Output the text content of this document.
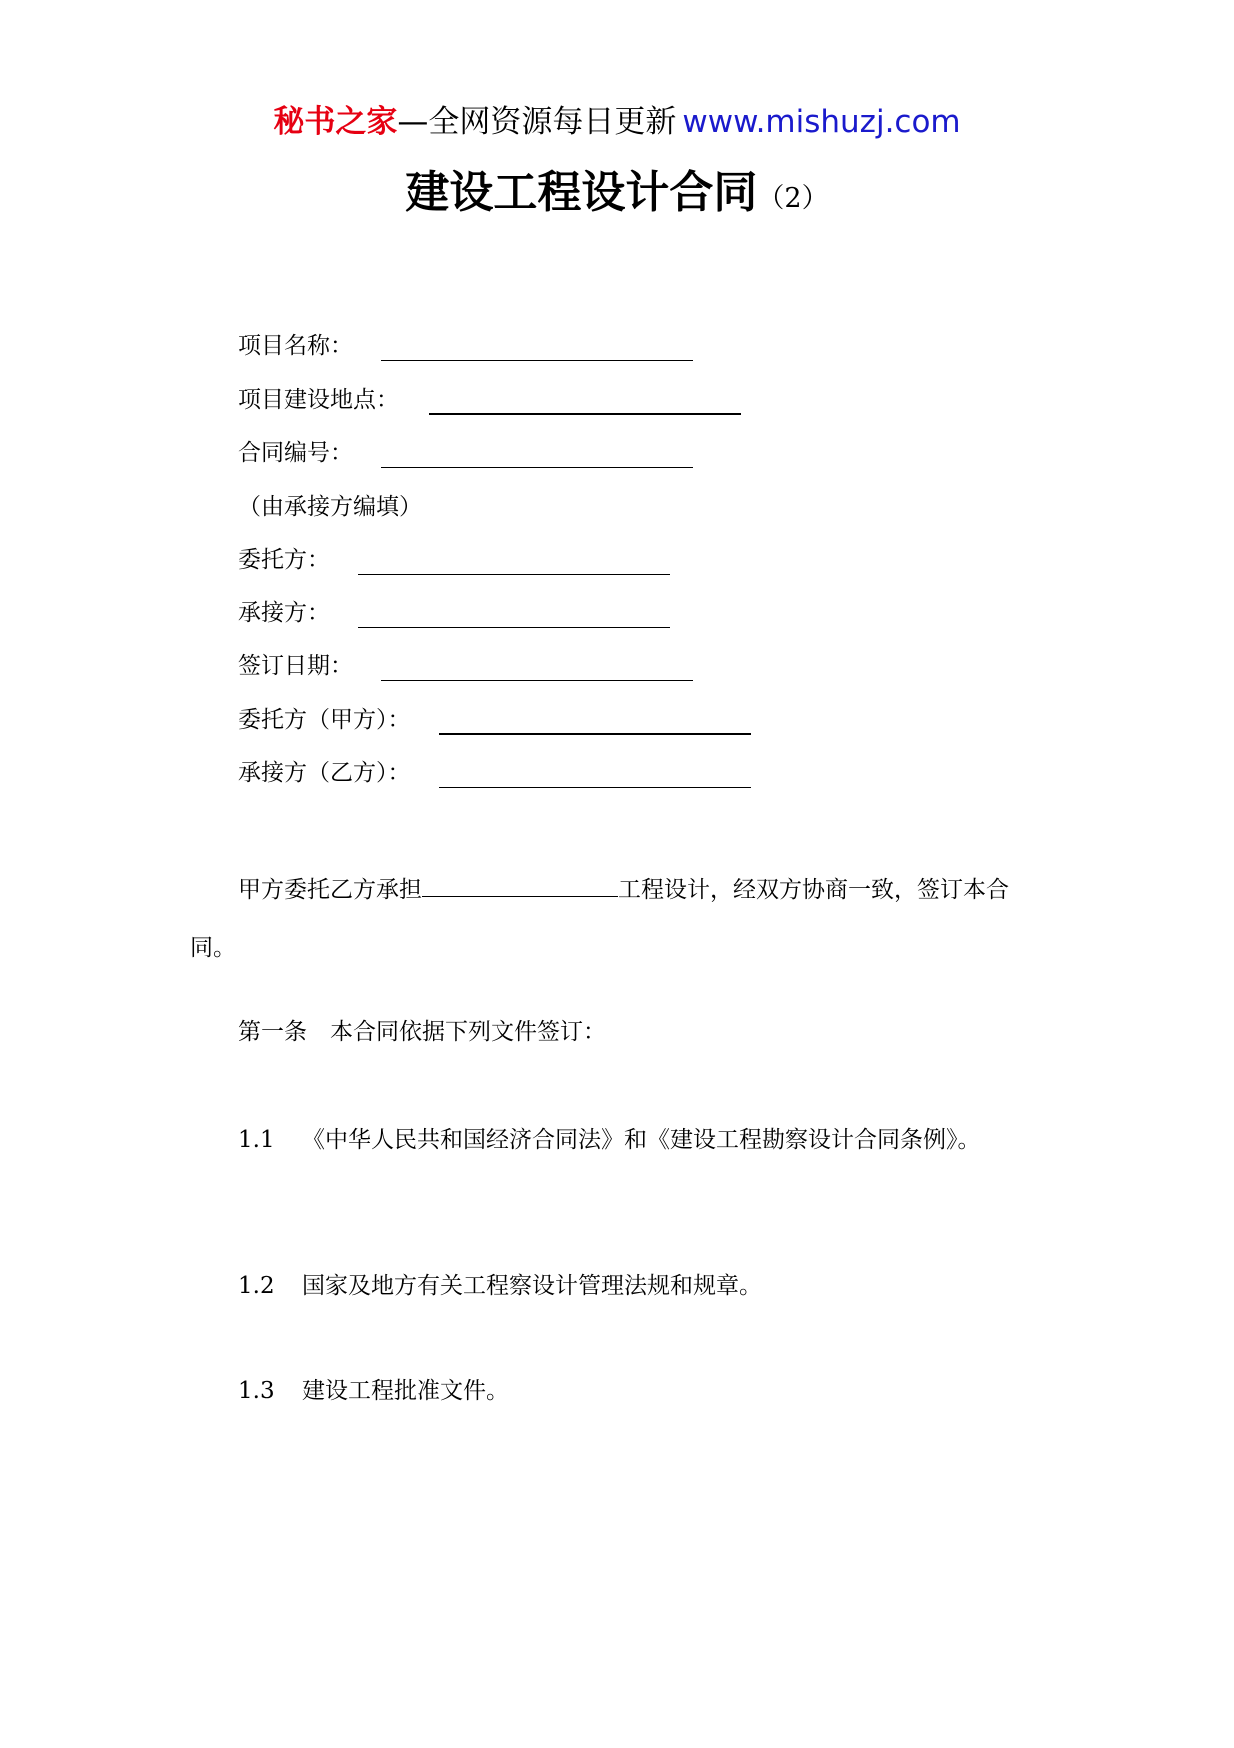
秘书之家—全网资源每日更新 www.mishuzj.com
建设工程设计合同（2）
项目名称：
项目建设地点：
合同编号：
（由承接方编填）
委托方：
承接方：
签订日期：
委托方（甲方）：
承接方（乙方）：
甲方委托乙方承担	工程设计，经双方协商一致，签订本合同。
第一条　本合同依据下列文件签订：
1.1 《中华人民共和国经济合同法》和《建设工程勘察设计合同条例》。
1.2 国家及地方有关工程察设计管理法规和规章。
1.3 建设工程批准文件。
